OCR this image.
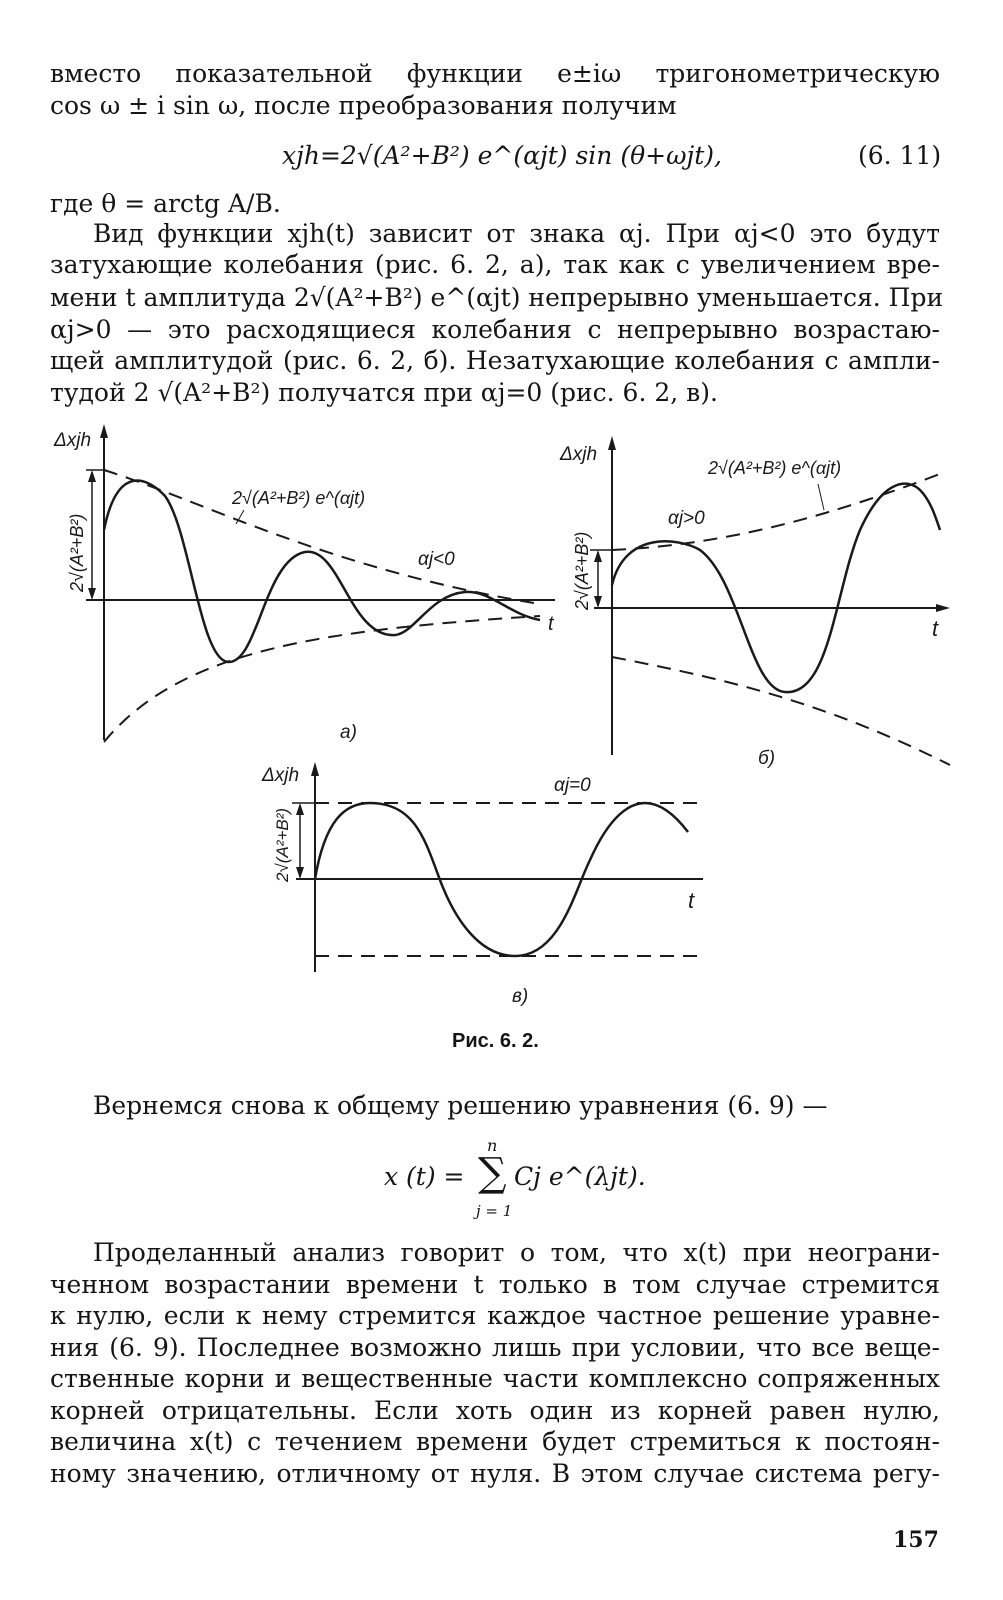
вместо показательной функции e±iω тригонометрическую
cos ω ± i sin ω, после преобразования получим
xjh=2√(A²+B²) e^(αjt) sin (θ+ωjt),	(6. 11)
где θ = arctg A/B.
Вид функции xjh(t) зависит от знака αj. При αj<0 это будут
затухающие колебания (рис. 6. 2, а), так как с увеличением вре-
мени t амплитуда 2√(A²+B²) e^(αjt) непрерывно уменьшается. При
αj>0 — это расходящиеся колебания с непрерывно возрастаю-
щей амплитудой (рис. 6. 2, б). Незатухающие колебания с ампли-
тудой 2 √(A²+B²) получатся при αj=0 (рис. 6. 2, в).
2√(A²+B²)
Δxjh
2√(A²+B²) e^(αjt)
αj<0
t
а)
2√(A²+B²)
Δxjh
2√(A²+B²) e^(αjt)
αj>0
t
б)
2√(A²+B²)
Δxjh	αj=0
t
в)
Рис. 6. 2.
Вернемся снова к общему решению уравнения (6. 9) —
n
x (t) = ∑ Cj e^(λjt).
j = 1
Проделанный анализ говорит о том, что x(t) при неограни-
ченном возрастании времени t только в том случае стремится
к нулю, если к нему стремится каждое частное решение уравне-
ния (6. 9). Последнее возможно лишь при условии, что все веще-
ственные корни и вещественные части комплексно сопряженных
корней отрицательны. Если хоть один из корней равен нулю,
величина x(t) с течением времени будет стремиться к постоян-
ному значению, отличному от нуля. В этом случае система регу-
157
